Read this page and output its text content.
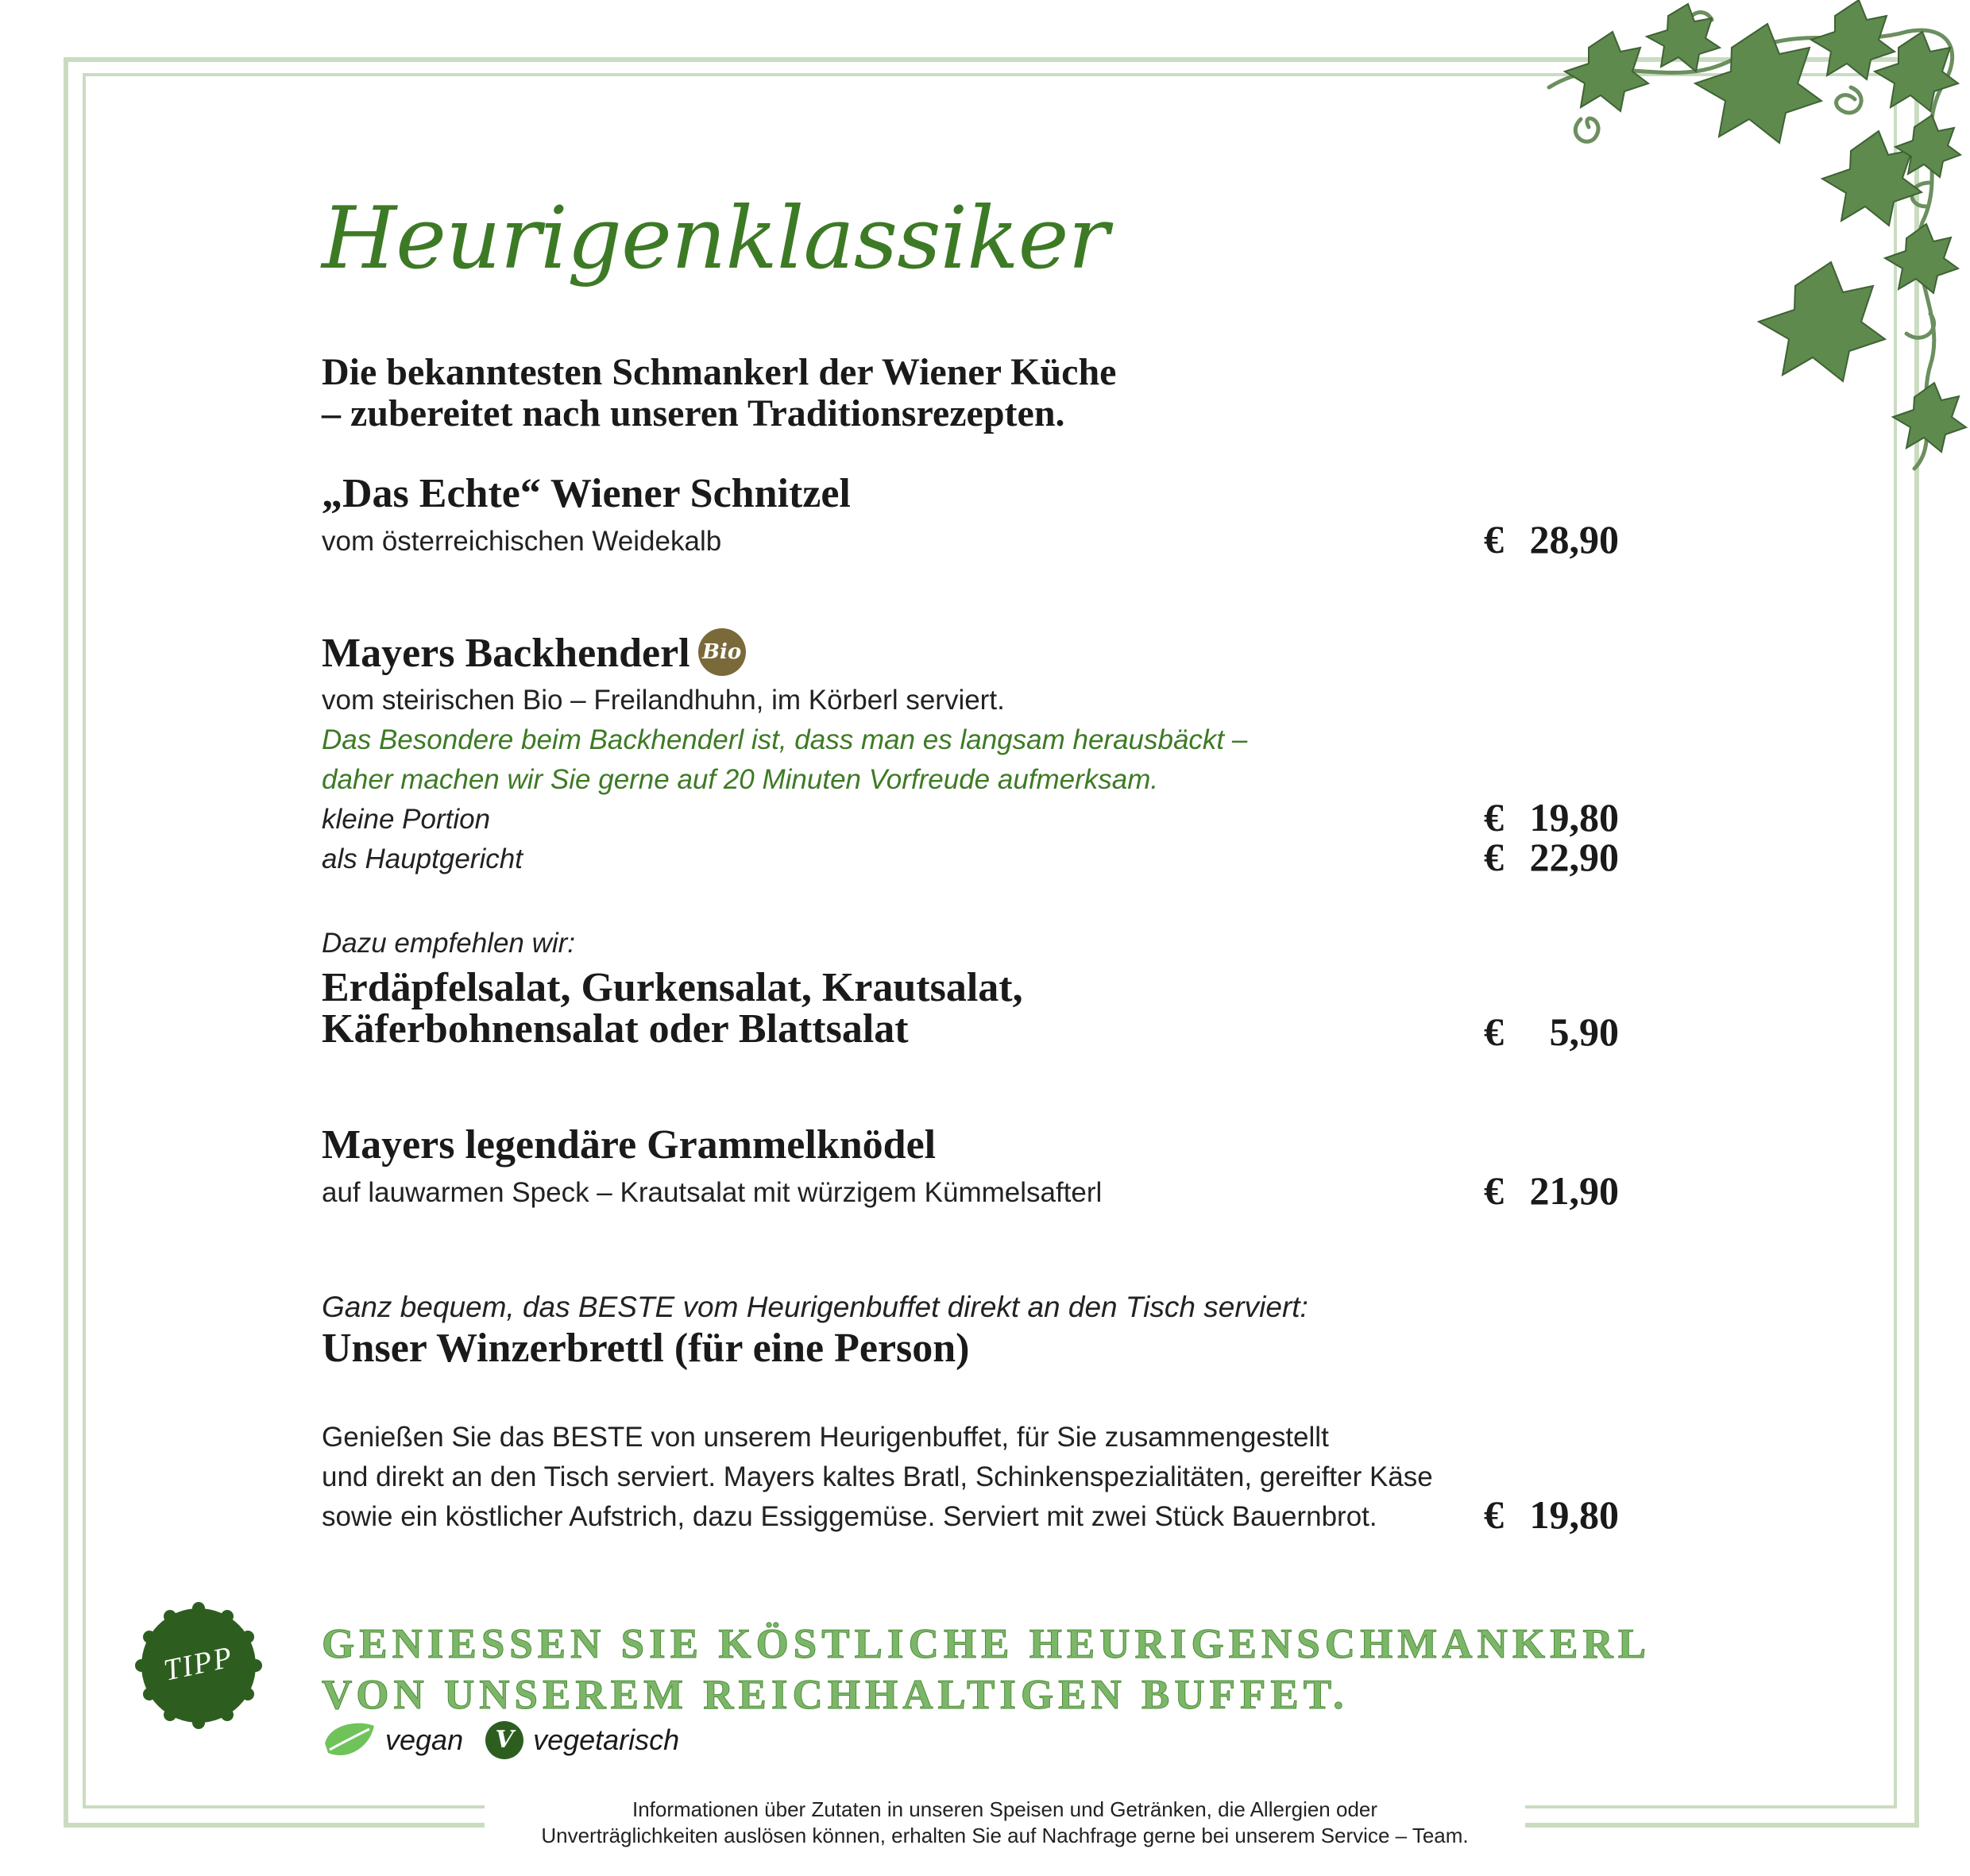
Heurigenklassiker
Die bekanntesten Schmankerl der Wiener Küche
– zubereitet nach unseren Traditionsrezepten.
„Das Echte“ Wiener Schnitzel
vom österreichischen Weidekalb	€ 28,90
Mayers Backhenderl Bio
vom steirischen Bio – Freilandhuhn, im Körberl serviert.
Das Besondere beim Backhenderl ist, dass man es langsam herausbäckt –
daher machen wir Sie gerne auf 20 Minuten Vorfreude aufmerksam.
kleine Portion	€ 19,80
als Hauptgericht	€ 22,90
Dazu empfehlen wir:
Erdäpfelsalat, Gurkensalat, Krautsalat,
Käferbohnensalat oder Blattsalat	€ 5,90
Mayers legendäre Grammelknödel
auf lauwarmen Speck – Krautsalat mit würzigem Kümmelsafterl	€ 21,90
Ganz bequem, das BESTE vom Heurigenbuffet direkt an den Tisch serviert:
Unser Winzerbrettl (für eine Person)
Genießen Sie das BESTE von unserem Heurigenbuffet, für Sie zusammengestellt
und direkt an den Tisch serviert. Mayers kaltes Bratl, Schinkenspezialitäten, gereifter Käse
sowie ein köstlicher Aufstrich, dazu Essiggemüse. Serviert mit zwei Stück Bauernbrot.	€ 19,80
TIPP	GENIESSEN SIE KÖSTLICHE HEURIGENSCHMANKERL
VON UNSEREM REICHHALTIGEN BUFFET.
vegan	V vegetarisch
Informationen über Zutaten in unseren Speisen und Getränken, die Allergien oder
Unverträglichkeiten auslösen können, erhalten Sie auf Nachfrage gerne bei unserem Service – Team.
